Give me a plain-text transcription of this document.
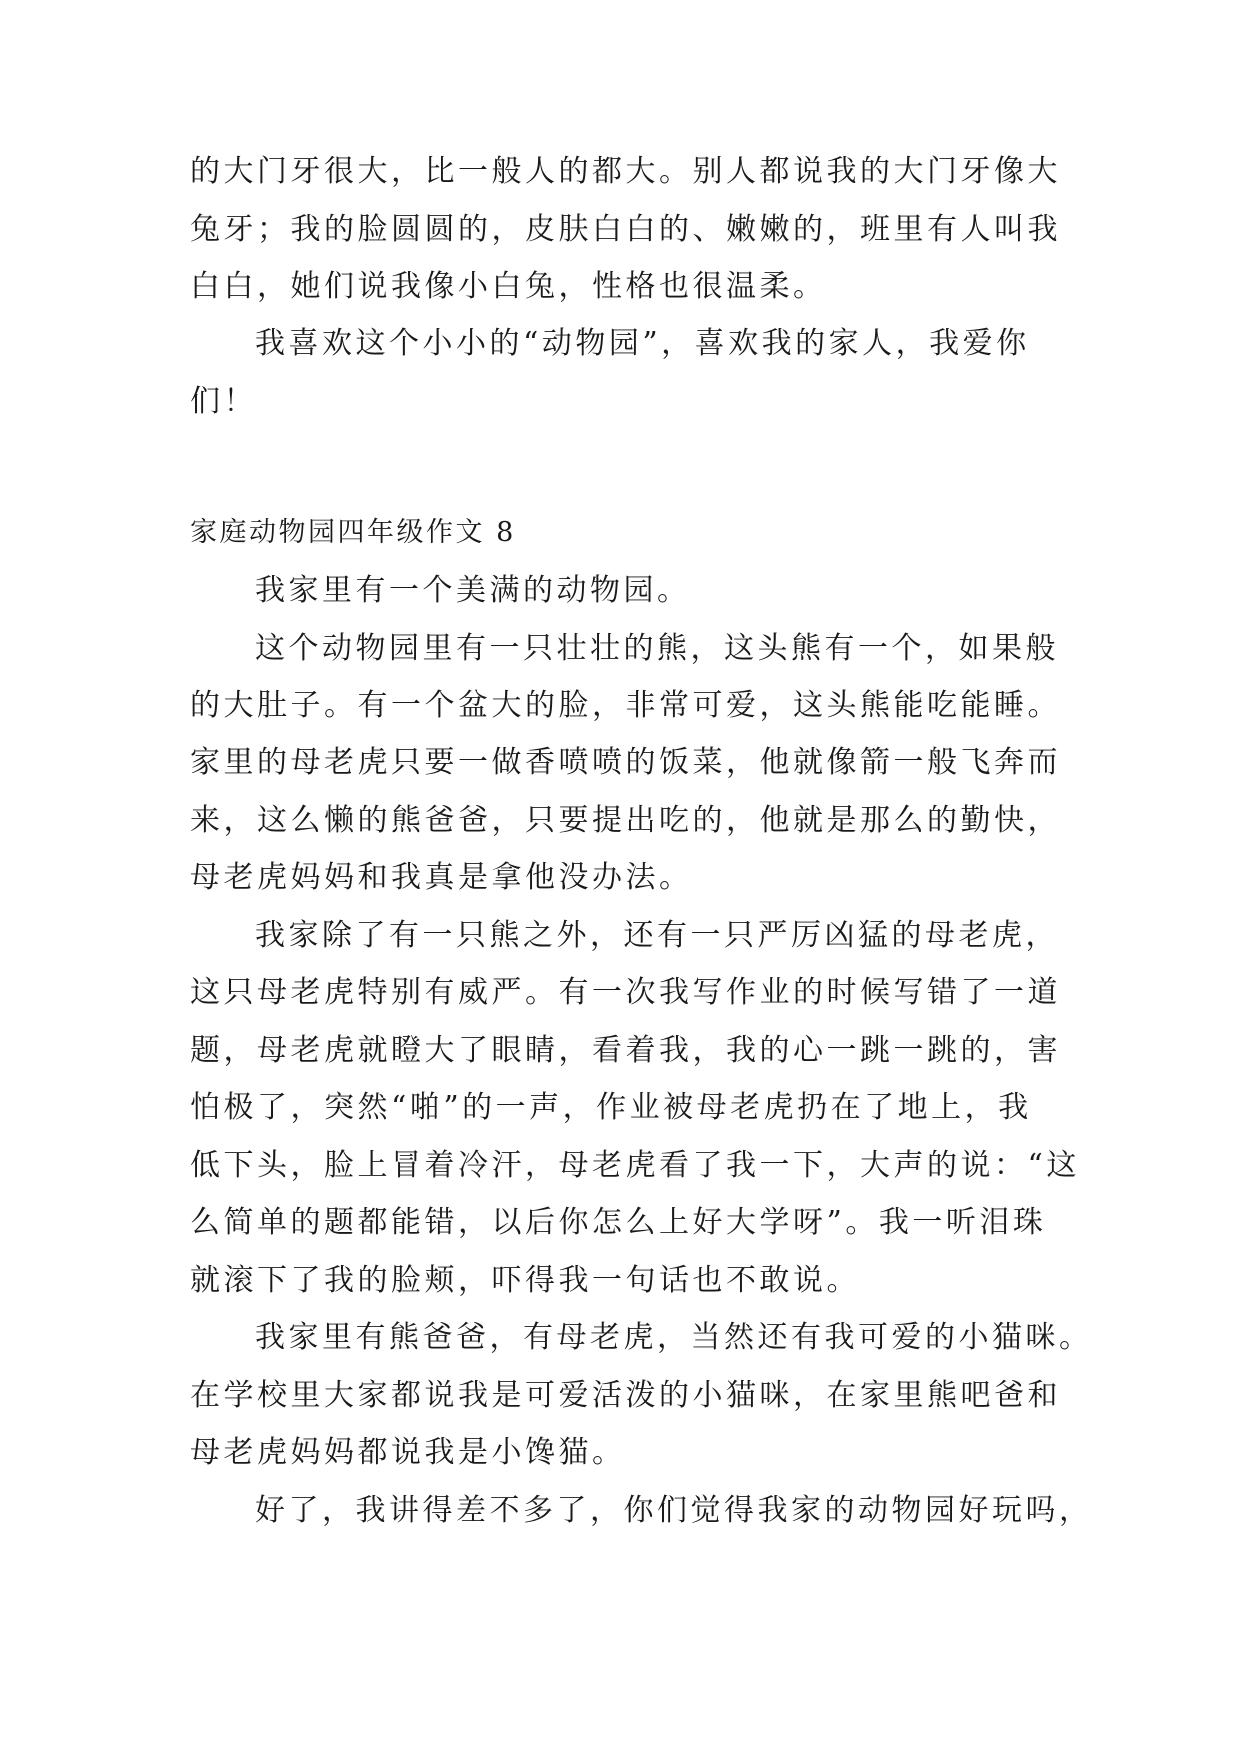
的大门牙很大，比一般人的都大。别人都说我的大门牙像大
兔牙；我的脸圆圆的，皮肤白白的、嫩嫩的，班里有人叫我
白白，她们说我像小白兔，性格也很温柔。
我喜欢这个小小的“动物园”，喜欢我的家人，我爱你
们！
家庭动物园四年级作文 8
我家里有一个美满的动物园。
这个动物园里有一只壮壮的熊，这头熊有一个，如果般
的大肚子。有一个盆大的脸，非常可爱，这头熊能吃能睡。
家里的母老虎只要一做香喷喷的饭菜，他就像箭一般飞奔而
来，这么懒的熊爸爸，只要提出吃的，他就是那么的勤快，
母老虎妈妈和我真是拿他没办法。
我家除了有一只熊之外，还有一只严厉凶猛的母老虎，
这只母老虎特别有威严。有一次我写作业的时候写错了一道
题，母老虎就瞪大了眼睛，看着我，我的心一跳一跳的，害
怕极了，突然“啪”的一声，作业被母老虎扔在了地上，我
低下头，脸上冒着冷汗，母老虎看了我一下，大声的说：“这
么简单的题都能错，以后你怎么上好大学呀”。我一听泪珠
就滚下了我的脸颊，吓得我一句话也不敢说。
我家里有熊爸爸，有母老虎，当然还有我可爱的小猫咪。
在学校里大家都说我是可爱活泼的小猫咪，在家里熊吧爸和
母老虎妈妈都说我是小馋猫。
好了，我讲得差不多了，你们觉得我家的动物园好玩吗，
